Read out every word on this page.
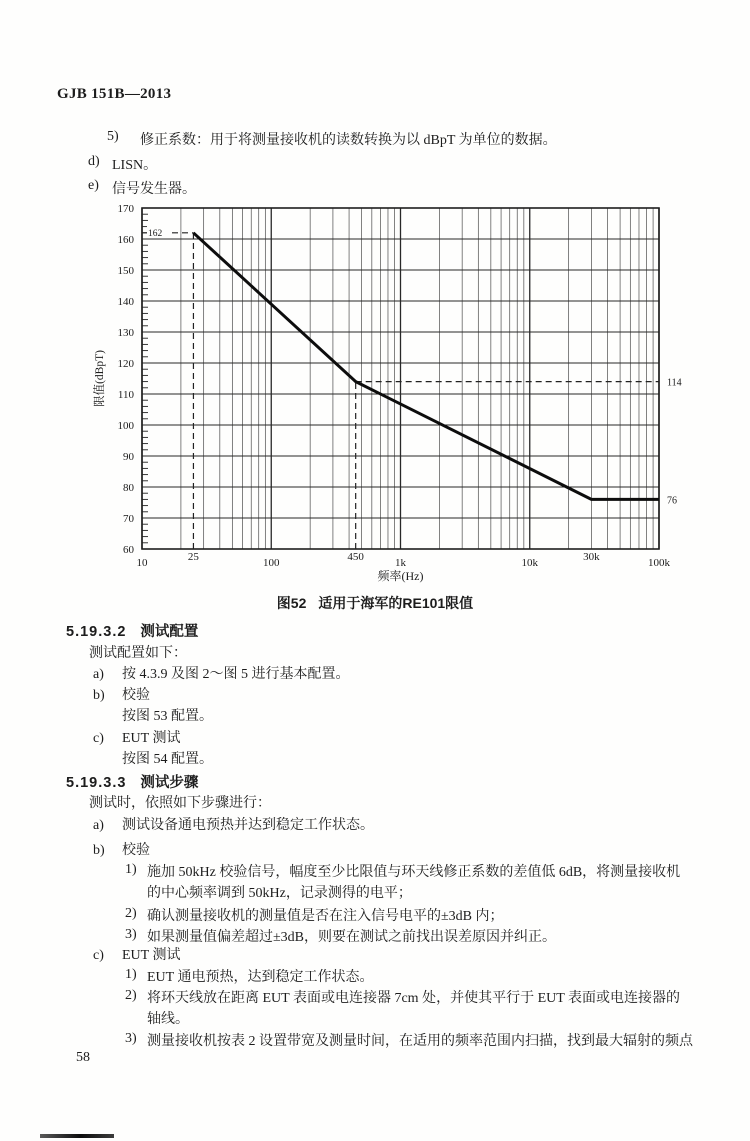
GJB 151B—2013
5) 修正系数：用于将测量接收机的读数转换为以 dBpT 为单位的数据。
d) LISN。
e) 信号发生器。
60
70
80
90
100
110
120
130
140
150
160
170
10	25	100	450	1k	10k	30k	100k
频率(Hz)
限值(dBpT)
162
114
76
图52 适用于海军的RE101限值
5.19.3.2 测试配置
测试配置如下：
a) 按 4.3.9 及图 2～图 5 进行基本配置。
b) 校验
按图 53 配置。
c) EUT 测试
按图 54 配置。
5.19.3.3 测试步骤
测试时，依照如下步骤进行：
a) 测试设备通电预热并达到稳定工作状态。
b) 校验
1) 施加 50kHz 校验信号，幅度至少比限值与环天线修正系数的差值低 6dB，将测量接收机
的中心频率调到 50kHz，记录测得的电平；
2) 确认测量接收机的测量值是否在注入信号电平的±3dB 内；
3) 如果测量值偏差超过±3dB，则要在测试之前找出误差原因并纠正。
c) EUT 测试
1) EUT 通电预热，达到稳定工作状态。
2) 将环天线放在距离 EUT 表面或电连接器 7cm 处，并使其平行于 EUT 表面或电连接器的
轴线。
3) 测量接收机按表 2 设置带宽及测量时间，在适用的频率范围内扫描，找到最大辐射的频点
58
